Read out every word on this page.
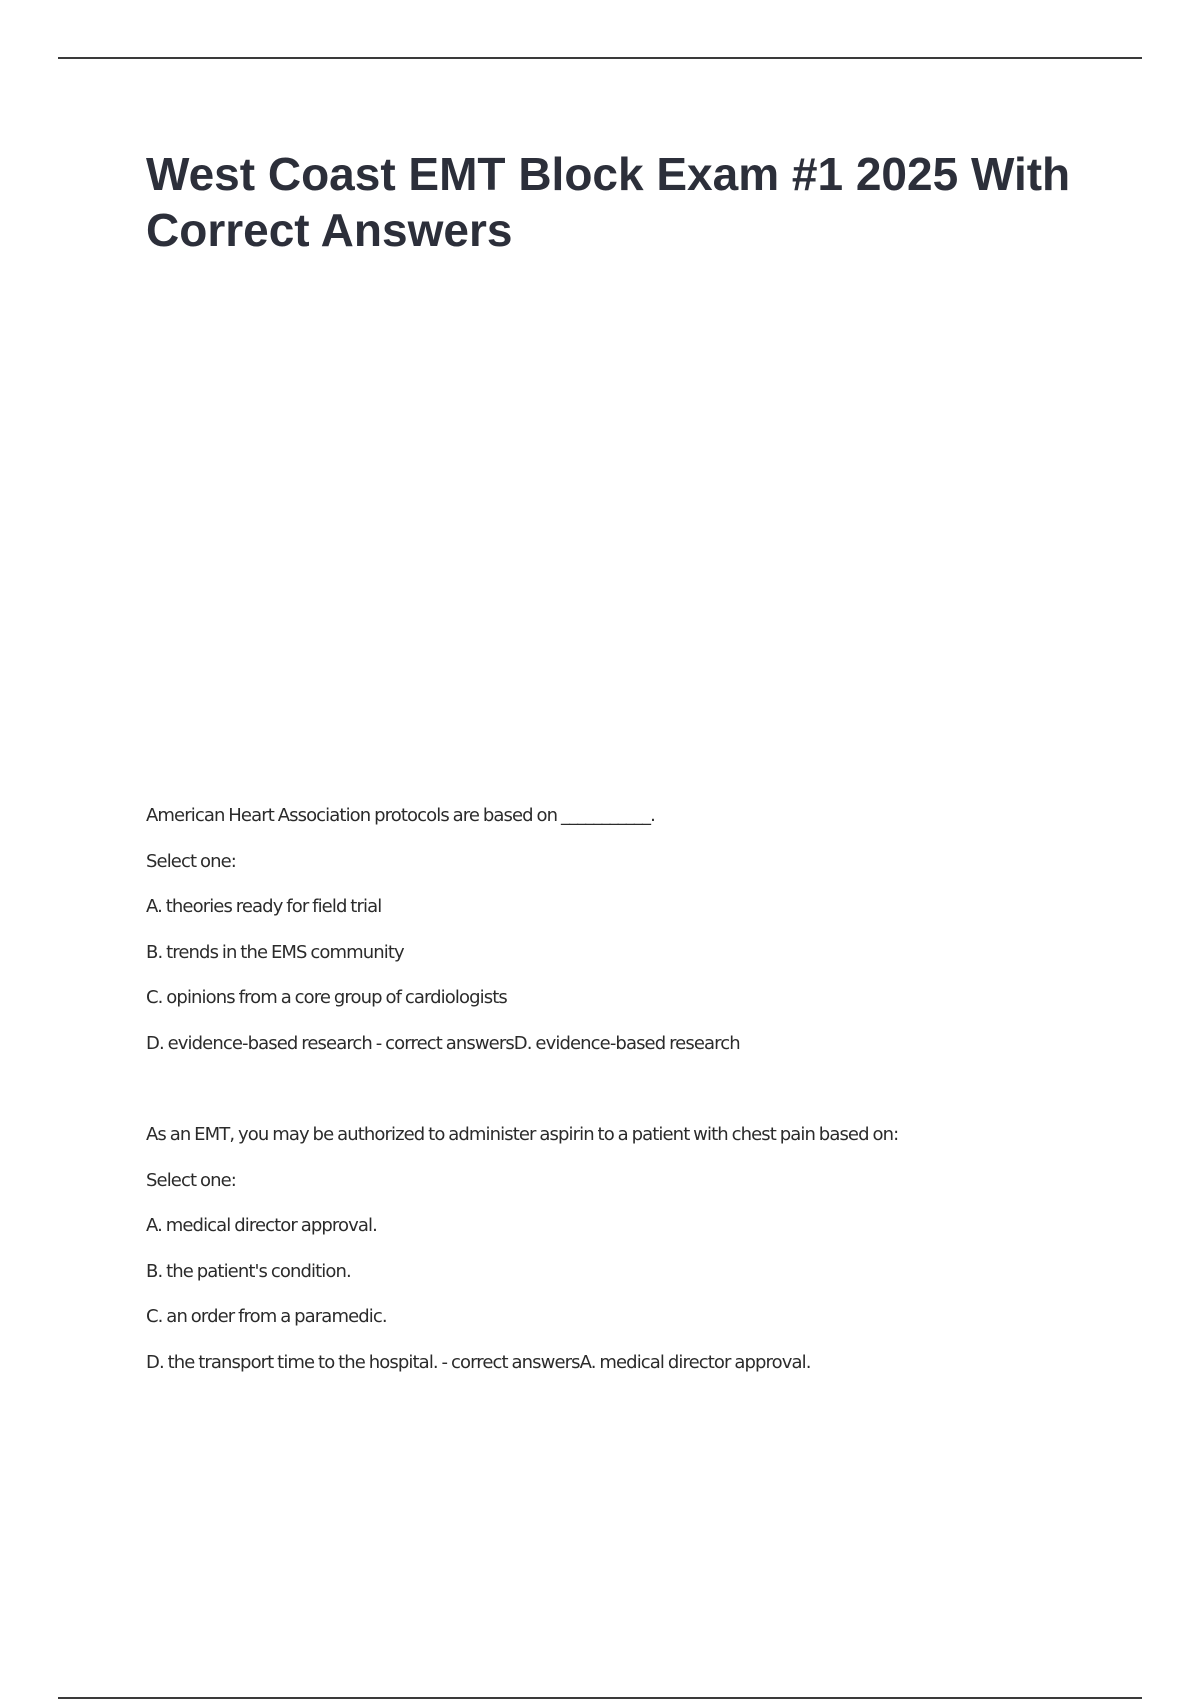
West Coast EMT Block Exam #1 2025 With Correct Answers
American Heart Association protocols are based on ___________.
Select one:
A. theories ready for field trial
B. trends in the EMS community
C. opinions from a core group of cardiologists
D. evidence-based research - correct answersD. evidence-based research
As an EMT, you may be authorized to administer aspirin to a patient with chest pain based on:
Select one:
A. medical director approval.
B. the patient's condition.
C. an order from a paramedic.
D. the transport time to the hospital. - correct answersA. medical director approval.
